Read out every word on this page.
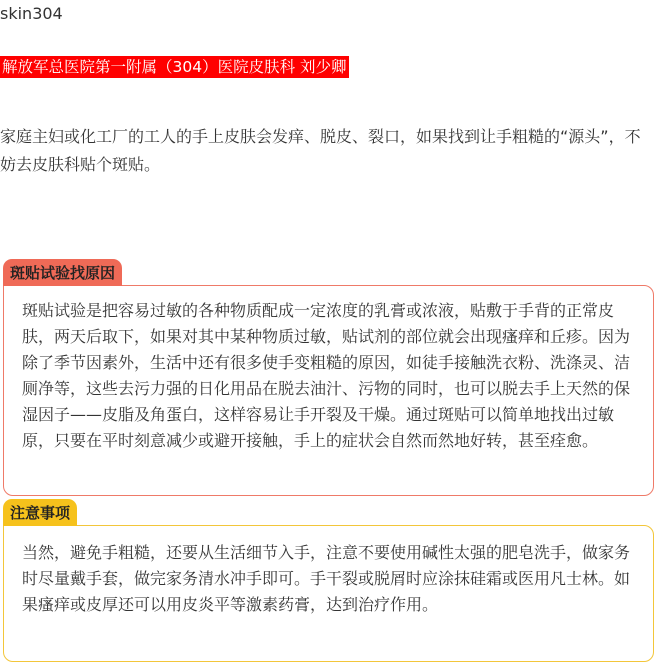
skin304
解放军总医院第一附属（304）医院皮肤科 刘少卿
家庭主妇或化工厂的工人的手上皮肤会发痒、脱皮、裂口，如果找到让手粗糙的“源头”，不妨去皮肤科贴个斑贴。
斑贴试验找原因
斑贴试验是把容易过敏的各种物质配成一定浓度的乳膏或浓液，贴敷于手背的正常皮肤，两天后取下，如果对其中某种物质过敏，贴试剂的部位就会出现瘙痒和丘疹。因为除了季节因素外，生活中还有很多使手变粗糙的原因，如徒手接触洗衣粉、洗涤灵、洁厕净等，这些去污力强的日化用品在脱去油汁、污物的同时，也可以脱去手上天然的保湿因子——皮脂及角蛋白，这样容易让手开裂及干燥。通过斑贴可以简单地找出过敏原，只要在平时刻意减少或避开接触，手上的症状会自然而然地好转，甚至痊愈。
注意事项
当然，避免手粗糙，还要从生活细节入手，注意不要使用碱性太强的肥皂洗手，做家务时尽量戴手套，做完家务清水冲手即可。手干裂或脱屑时应涂抹硅霜或医用凡士林。如果瘙痒或皮厚还可以用皮炎平等激素药膏，达到治疗作用。
